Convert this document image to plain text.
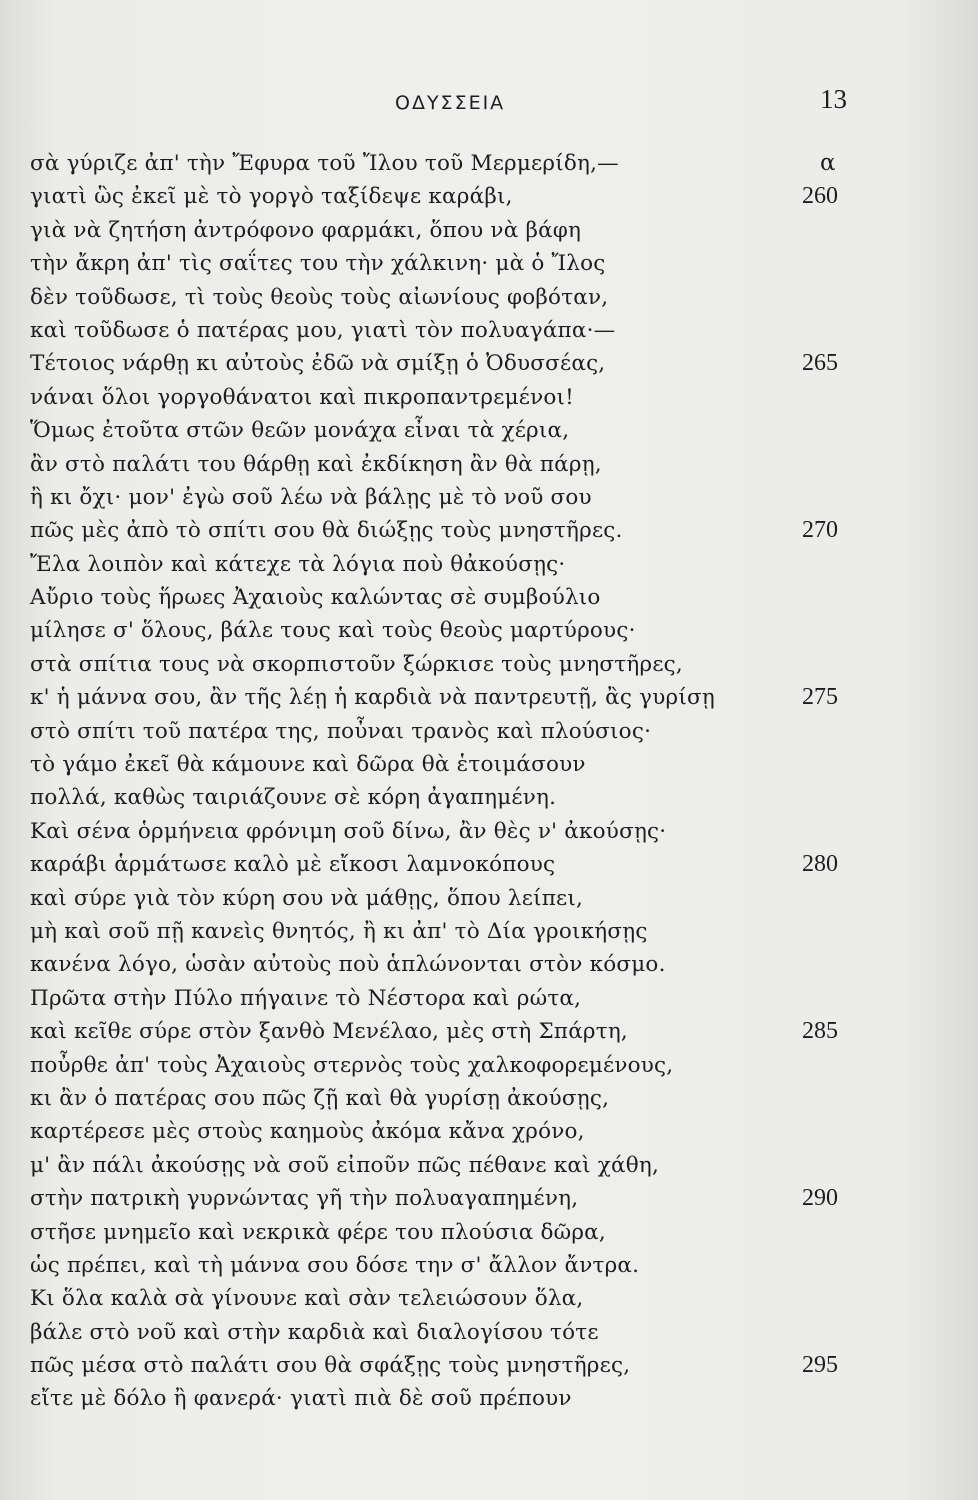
ΟΔΥΣΣΕΙΑ	13
σὰ γύριζε ἀπ' τὴν Ἔφυρα τοῦ Ἴλου τοῦ Μερμερίδη,—	α
γιατὶ ὣς ἐκεῖ μὲ τὸ γοργὸ ταξίδεψε καράβι,	260
γιὰ νὰ ζητήση ἀντρόφονο φαρμάκι, ὅπου νὰ βάφη
τὴν ἄκρη ἀπ' τὶς σαΐτες του τὴν χάλκινη· μὰ ὁ Ἴλος
δὲν τοῦδωσε, τὶ τοὺς θεοὺς τοὺς αἰωνίους φοβόταν,
καὶ τοῦδωσε ὁ πατέρας μου, γιατὶ τὸν πολυαγάπα·—
Τέτοιος νάρθῃ κι αὐτοὺς ἐδῶ νὰ σμίξῃ ὁ Ὀδυσσέας,	265
νάναι ὅλοι γοργοθάνατοι καὶ πικροπαντρεμένοι!
Ὅμως ἐτοῦτα στῶν θεῶν μονάχα εἶναι τὰ χέρια,
ἂν στὸ παλάτι του θάρθῃ καὶ ἐκδίκηση ἂν θὰ πάρῃ,
ἢ κι ὄχι· μον' ἐγὼ σοῦ λέω νὰ βάλῃς μὲ τὸ νοῦ σου
πῶς μὲς ἀπὸ τὸ σπίτι σου θὰ διώξῃς τοὺς μνηστῆρες.	270
Ἔλα λοιπὸν καὶ κάτεχε τὰ λόγια ποὺ θἀκούσῃς·
Αὔριο τοὺς ἥρωες Ἀχαιοὺς καλώντας σὲ συμβούλιο
μίλησε σ' ὅλους, βάλε τους καὶ τοὺς θεοὺς μαρτύρους·
στὰ σπίτια τους νὰ σκορπιστοῦν ξώρκισε τοὺς μνηστῆρες,
κ' ἡ μάννα σου, ἂν τῆς λέῃ ἡ καρδιὰ νὰ παντρευτῇ, ἂς γυρίσῃ	275
στὸ σπίτι τοῦ πατέρα της, ποὖναι τρανὸς καὶ πλούσιος·
τὸ γάμο ἐκεῖ θὰ κάμουνε καὶ δῶρα θὰ ἑτοιμάσουν
πολλά, καθὼς ταιριάζουνε σὲ κόρη ἀγαπημένη.
Καὶ σένα ὁρμήνεια φρόνιμη σοῦ δίνω, ἂν θὲς ν' ἀκούσῃς·
καράβι ἁρμάτωσε καλὸ μὲ εἴκοσι λαμνοκόπους	280
καὶ σύρε γιὰ τὸν κύρη σου νὰ μάθῃς, ὅπου λείπει,
μὴ καὶ σοῦ πῇ κανεὶς θνητός, ἢ κι ἀπ' τὸ Δία γροικήσῃς
κανένα λόγο, ὡσὰν αὐτοὺς ποὺ ἁπλώνονται στὸν κόσμο.
Πρῶτα στὴν Πύλο πήγαινε τὸ Νέστορα καὶ ρώτα,
καὶ κεῖθε σύρε στὸν ξανθὸ Μενέλαο, μὲς στὴ Σπάρτη,	285
ποὖρθε ἀπ' τοὺς Ἀχαιοὺς στερνὸς τοὺς χαλκοφορεμένους,
κι ἂν ὁ πατέρας σου πῶς ζῇ καὶ θὰ γυρίσῃ ἀκούσῃς,
καρτέρεσε μὲς στοὺς καημοὺς ἀκόμα κἄνα χρόνο,
μ' ἂν πάλι ἀκούσῃς νὰ σοῦ εἰποῦν πῶς πέθανε καὶ χάθη,
στὴν πατρικὴ γυρνώντας γῆ τὴν πολυαγαπημένη,	290
στῆσε μνημεῖο καὶ νεκρικὰ φέρε του πλούσια δῶρα,
ὡς πρέπει, καὶ τὴ μάννα σου δόσε την σ' ἄλλον ἄντρα.
Κι ὅλα καλὰ σὰ γίνουνε καὶ σὰν τελειώσουν ὅλα,
βάλε στὸ νοῦ καὶ στὴν καρδιὰ καὶ διαλογίσου τότε
πῶς μέσα στὸ παλάτι σου θὰ σφάξῃς τοὺς μνηστῆρες,	295
εἴτε μὲ δόλο ἢ φανερά· γιατὶ πιὰ δὲ σοῦ πρέπουν
